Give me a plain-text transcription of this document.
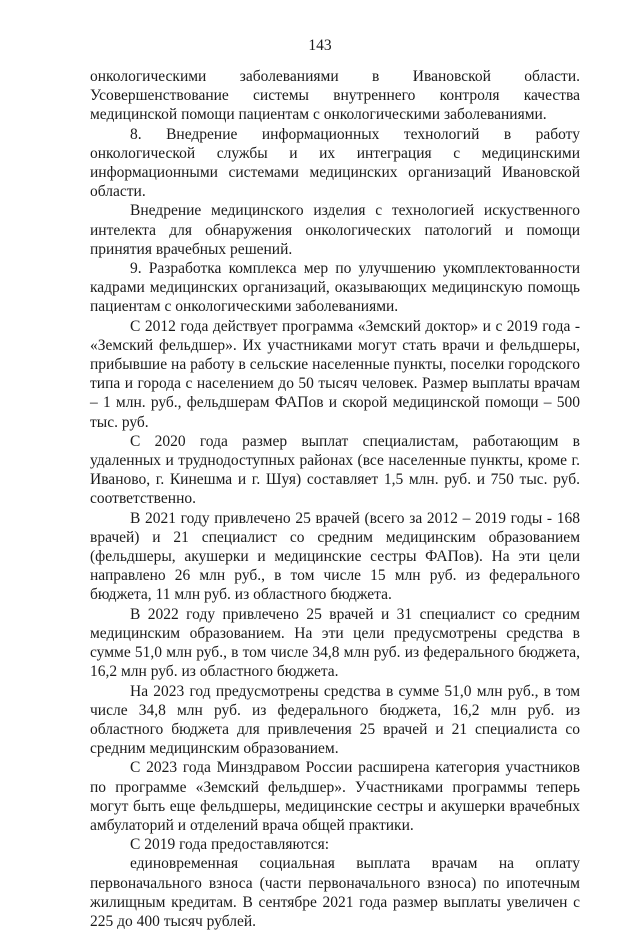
143

онкологическими заболеваниями в Ивановской области. Усовершенствование системы внутреннего контроля качества медицинской помощи пациентам с онкологическими заболеваниями.

8. Внедрение информационных технологий в работу онкологической службы и их интеграция с медицинскими информационными системами медицинских организаций Ивановской области.

Внедрение медицинского изделия с технологией искуственного интелекта для обнаружения онкологических патологий и помощи принятия врачебных решений.

9. Разработка комплекса мер по улучшению укомплектованности кадрами медицинских организаций, оказывающих медицинскую помощь пациентам с онкологическими заболеваниями.

С 2012 года действует программа «Земский доктор» и с 2019 года - «Земский фельдшер». Их участниками могут стать врачи и фельдшеры, прибывшие на работу в сельские населенные пункты, поселки городского типа и города с населением до 50 тысяч человек. Размер выплаты врачам – 1 млн. руб., фельдшерам ФАПов и скорой медицинской помощи – 500 тыс. руб.

С 2020 года размер выплат специалистам, работающим в удаленных и труднодоступных районах (все населенные пункты, кроме г. Иваново, г. Кинешма и г. Шуя) составляет 1,5 млн. руб. и 750 тыс. руб. соответственно.

В 2021 году привлечено 25 врачей (всего за 2012 – 2019 годы - 168 врачей) и 21 специалист со средним медицинским образованием (фельдшеры, акушерки и медицинские сестры ФАПов). На эти цели направлено 26 млн руб., в том числе 15 млн руб. из федерального бюджета, 11 млн руб. из областного бюджета.

В 2022 году привлечено 25 врачей и 31 специалист со средним медицинским образованием. На эти цели предусмотрены средства в сумме 51,0 млн руб., в том числе 34,8 млн руб. из федерального бюджета, 16,2 млн руб. из областного бюджета.

На 2023 год предусмотрены средства в сумме 51,0 млн руб., в том числе 34,8 млн руб. из федерального бюджета, 16,2 млн руб. из областного бюджета для привлечения 25 врачей и 21 специалиста со средним медицинским образованием.

С 2023 года Минздравом России расширена категория участников по программе «Земский фельдшер». Участниками программы теперь могут быть еще фельдшеры, медицинские сестры и акушерки врачебных амбулаторий и отделений врача общей практики.

С 2019 года предоставляются:

единовременная социальная выплата врачам на оплату первоначального взноса (части первоначального взноса) по ипотечным жилищным кредитам. В сентябре 2021 года размер выплаты увеличен с 225 до 400 тысяч рублей.
